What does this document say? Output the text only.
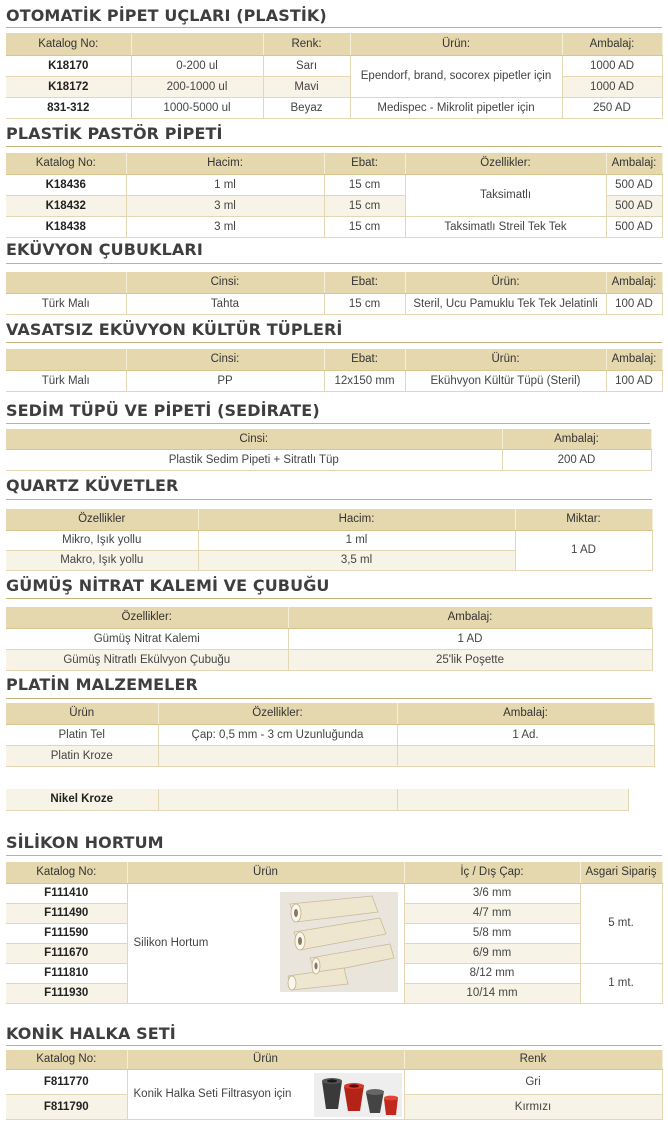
OTOMATİK PİPET UÇLARI (PLASTİK)
Katalog No:		Renk:	Ürün:	Ambalaj:
K18170	0-200 ul	Sarı	Ependorf, brand, socorex pipetler için	1000 AD
K18172	200-1000 ul	Mavi		1000 AD
831-312	1000-5000 ul	Beyaz	Medispec - Mikrolit pipetler için	250 AD
PLASTİK PASTÖR PİPETİ
Katalog No:	Hacim:	Ebat:	Özellikler:	Ambalaj:
K18436	1 ml	15 cm	Taksimatlı	500 AD
K18432	3 ml	15 cm		500 AD
K18438	3 ml	15 cm	Taksimatlı Streil Tek Tek	500 AD
EKÜVYON ÇUBUKLARI
	Cinsi:	Ebat:	Ürün:	Ambalaj:
Türk Malı	Tahta	15 cm	Steril, Ucu Pamuklu Tek Tek Jelatinli	100 AD
VASATSIZ EKÜVYON KÜLTÜR TÜPLERİ
	Cinsi:	Ebat:	Ürün:	Ambalaj:
Türk Malı	PP	12x150 mm	Ekühvyon Kültür Tüpü (Steril)	100 AD
SEDİM TÜPÜ VE PİPETİ (SEDİRATE)
Cinsi:	Ambalaj:
Plastik Sedim Pipeti + Sitratlı Tüp	200 AD
QUARTZ KÜVETLER
Özellikler	Hacim:	Miktar:
Mikro, Işık yollu	1 ml	1 AD
Makro, Işık yollu	3,5 ml	
GÜMÜŞ NİTRAT KALEMİ VE ÇUBUĞU
Özellikler:	Ambalaj:
Gümüş Nitrat Kalemi	1 AD
Gümüş Nitratlı Ekülvyon Çubuğu	25'lik Poşette
PLATİN MALZEMELER
Ürün	Özellikler:	Ambalaj:
Platin Tel	Çap: 0,5 mm - 3 cm Uzunluğunda	1 Ad.
Platin Kroze		
Nikel Kroze		
SİLİKON HORTUM
Katalog No:	Ürün	İç / Dış Çap:	Asgari Sipariş
F111410	Silikon Hortum	3/6 mm	5 mt.
F111490		4/7 mm	
F111590		5/8 mm	
F111670		6/9 mm	
F111810		8/12 mm	1 mt.
F111930		10/14 mm	
KONİK HALKA SETİ
Katalog No:	Ürün	Renk
F811770	Konik Halka Seti Filtrasyon için	Gri
F811790		Kırmızı
